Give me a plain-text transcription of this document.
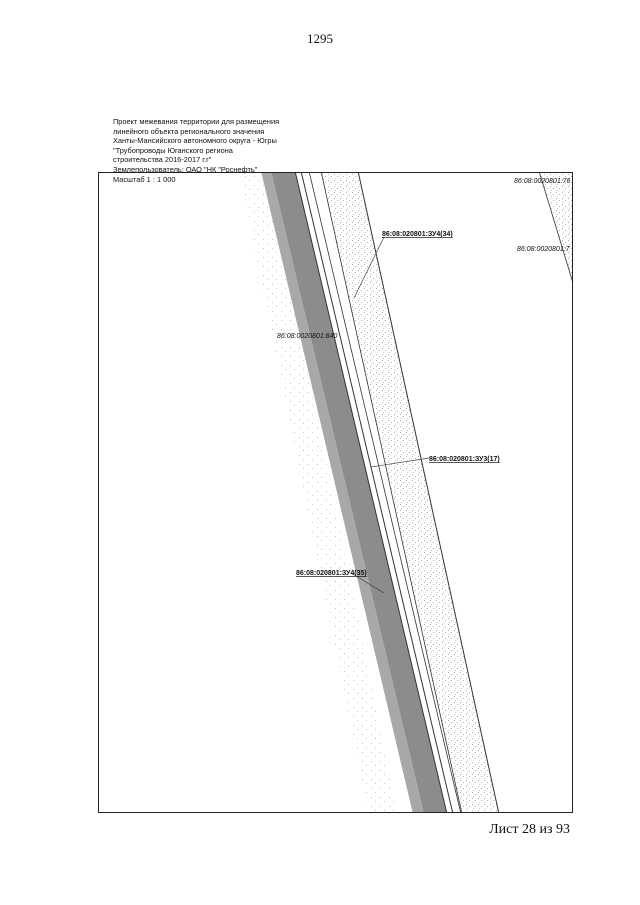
1295
Проект межевания территории для размещения
линейного объекта регионального значения
Ханты-Мансийского автономного округа - Югры
"Трубопроводы Юганского региона
строительства 2016-2017 г.г"
Землепользователь: ОАО "НК "Роснефть"
Масштаб 1 : 1 000
86:08:020801:ЗУ4(34)
86:08:020801:ЗУ3(17)
86:08:020801:ЗУ4(35)
86:08:0020801:76
86:08:0020801:7
86:08:0020801:840
Лист 28 из 93
